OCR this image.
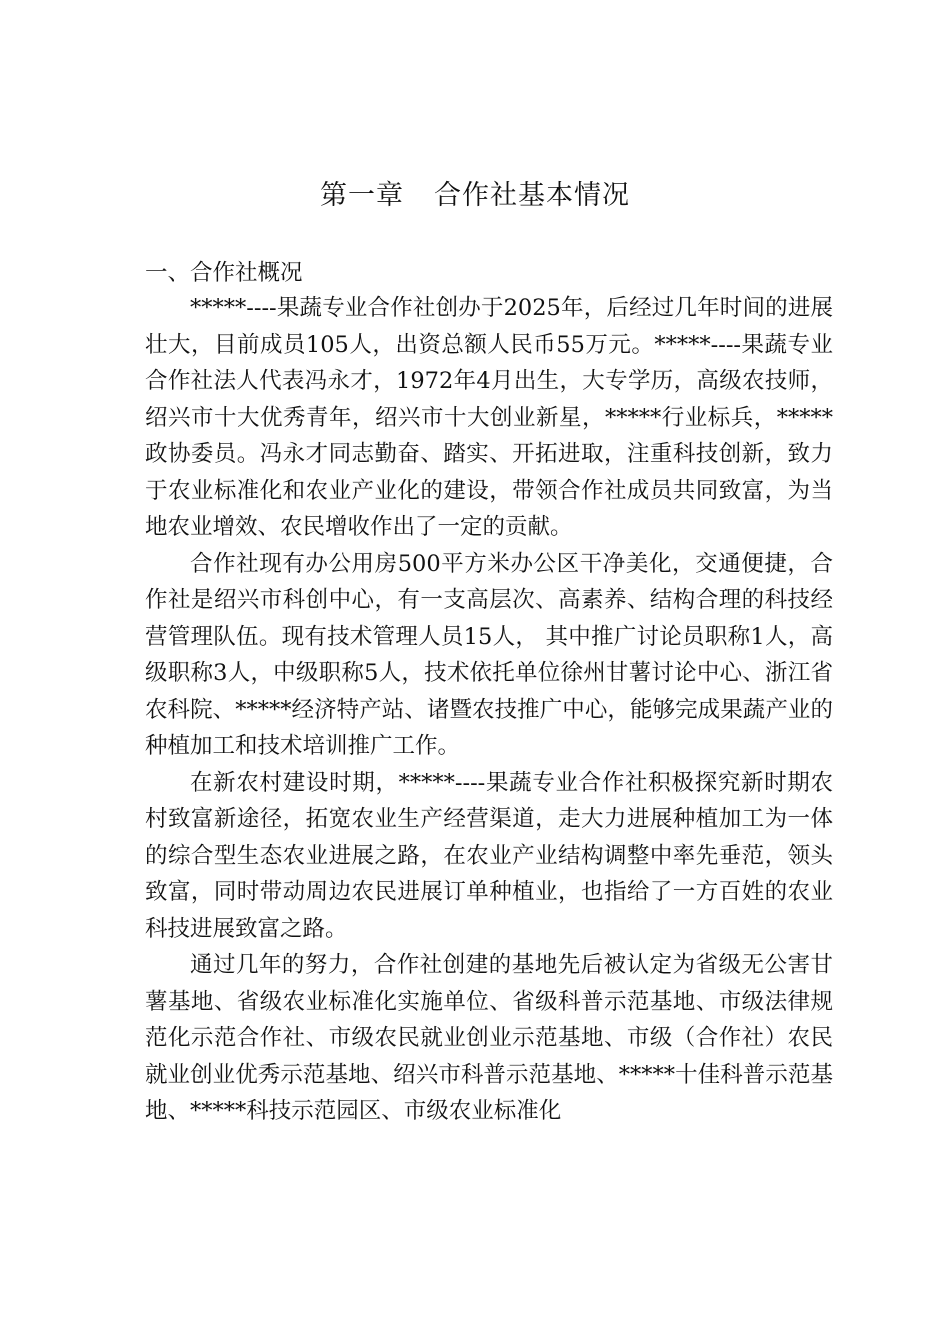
第一章 合作社基本情况
一、合作社概况

*****----果蔬专业合作社创办于2025年，后经过几年时间的进展壮大，目前成员105人，出资总额人民币55万元。*****----果蔬专业合作社法人代表冯永才，1972年4月出生，大专学历，高级农技师，绍兴市十大优秀青年，绍兴市十大创业新星，*****行业标兵，*****政协委员。冯永才同志勤奋、踏实、开拓进取，注重科技创新，致力于农业标准化和农业产业化的建设，带领合作社成员共同致富，为当地农业增效、农民增收作出了一定的贡献。

合作社现有办公用房500平方米办公区干净美化，交通便捷，合作社是绍兴市科创中心，有一支高层次、高素养、结构合理的科技经营管理队伍。现有技术管理人员15人， 其中推广讨论员职称1人，高级职称3人，中级职称5人，技术依托单位徐州甘薯讨论中心、浙江省农科院、*****经济特产站、诸暨农技推广中心，能够完成果蔬产业的种植加工和技术培训推广工作。

在新农村建设时期，*****----果蔬专业合作社积极探究新时期农村致富新途径，拓宽农业生产经营渠道，走大力进展种植加工为一体的综合型生态农业进展之路，在农业产业结构调整中率先垂范，领头致富，同时带动周边农民进展订单种植业，也指给了一方百姓的农业科技进展致富之路。

通过几年的努力，合作社创建的基地先后被认定为省级无公害甘薯基地、省级农业标准化实施单位、省级科普示范基地、市级法律规范化示范合作社、市级农民就业创业示范基地、市级（合作社）农民就业创业优秀示范基地、绍兴市科普示范基地、*****十佳科普示范基地、*****科技示范园区、市级农业标准化
